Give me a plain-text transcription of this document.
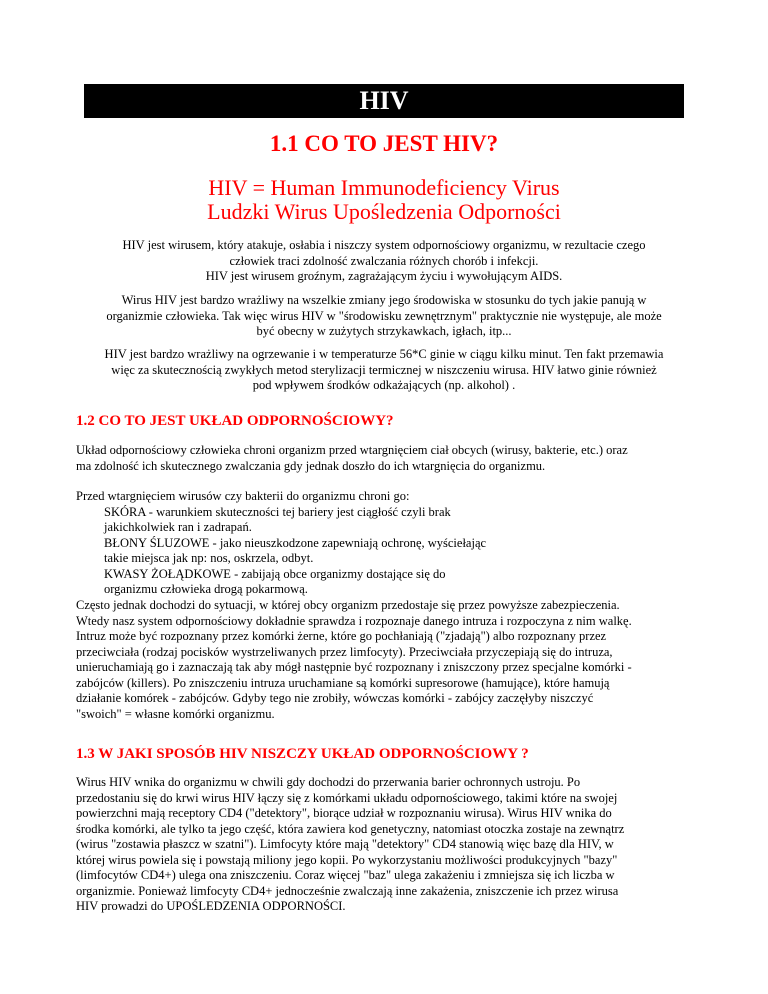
HIV
1.1 CO TO JEST HIV?
HIV = Human Immunodeficiency Virus
Ludzki Wirus Upośledzenia Odporności
HIV jest wirusem, który atakuje, osłabia i niszczy system odpornościowy organizmu, w rezultacie czego
człowiek traci zdolność zwalczania różnych chorób i infekcji.
HIV jest wirusem groźnym, zagrażającym życiu i wywołującym AIDS.
Wirus HIV jest bardzo wrażliwy na wszelkie zmiany jego środowiska w stosunku do tych jakie panują w
organizmie człowieka. Tak więc wirus HIV w "środowisku zewnętrznym" praktycznie nie występuje, ale może
być obecny w zużytych strzykawkach, igłach, itp...
HIV jest bardzo wrażliwy na ogrzewanie i w temperaturze 56*C ginie w ciągu kilku minut. Ten fakt przemawia
więc za skutecznością zwykłych metod sterylizacji termicznej w niszczeniu wirusa. HIV łatwo ginie również
pod wpływem środków odkażających (np. alkohol) .
1.2 CO TO JEST UKŁAD ODPORNOŚCIOWY?
Układ odpornościowy człowieka chroni organizm przed wtargnięciem ciał obcych (wirusy, bakterie, etc.) oraz
ma zdolność ich skutecznego zwalczania gdy jednak doszło do ich wtargnięcia do organizmu.
Przed wtargnięciem wirusów czy bakterii do organizmu chroni go:
SKÓRA - warunkiem skuteczności tej bariery jest ciągłość czyli brak
jakichkolwiek ran i zadrapań.
BŁONY ŚLUZOWE - jako nieuszkodzone zapewniają ochronę, wyściełając
takie miejsca jak np: nos, oskrzela, odbyt.
KWASY ŻOŁĄDKOWE - zabijają obce organizmy dostające się do
organizmu człowieka drogą pokarmową.
Często jednak dochodzi do sytuacji, w której obcy organizm przedostaje się przez powyższe zabezpieczenia.
Wtedy nasz system odpornościowy dokładnie sprawdza i rozpoznaje danego intruza i rozpoczyna z nim walkę.
Intruz może być rozpoznany przez komórki żerne, które go pochłaniają ("zjadają") albo rozpoznany przez
przeciwciała (rodzaj pocisków wystrzeliwanych przez limfocyty). Przeciwciała przyczepiają się do intruza,
unieruchamiają go i zaznaczają tak aby mógł następnie być rozpoznany i zniszczony przez specjalne komórki -
zabójców (killers). Po zniszczeniu intruza uruchamiane są komórki supresorowe (hamujące), które hamują
działanie komórek - zabójców. Gdyby tego nie zrobiły, wówczas komórki - zabójcy zaczęłyby niszczyć
"swoich" = własne komórki organizmu.
1.3 W JAKI SPOSÓB HIV NISZCZY UKŁAD ODPORNOŚCIOWY ?
Wirus HIV wnika do organizmu w chwili gdy dochodzi do przerwania barier ochronnych ustroju. Po
przedostaniu się do krwi wirus HIV łączy się z komórkami układu odpornościowego, takimi które na swojej
powierzchni mają receptory CD4 ("detektory", biorące udział w rozpoznaniu wirusa). Wirus HIV wnika do
środka komórki, ale tylko ta jego część, która zawiera kod genetyczny, natomiast otoczka zostaje na zewnątrz
(wirus "zostawia płaszcz w szatni"). Limfocyty które mają "detektory" CD4 stanowią więc bazę dla HIV, w
której wirus powiela się i powstają miliony jego kopii. Po wykorzystaniu możliwości produkcyjnych "bazy"
(limfocytów CD4+) ulega ona zniszczeniu. Coraz więcej "baz" ulega zakażeniu i zmniejsza się ich liczba w
organizmie. Ponieważ limfocyty CD4+ jednocześnie zwalczają inne zakażenia, zniszczenie ich przez wirusa
HIV prowadzi do UPOŚLEDZENIA ODPORNOŚCI.
